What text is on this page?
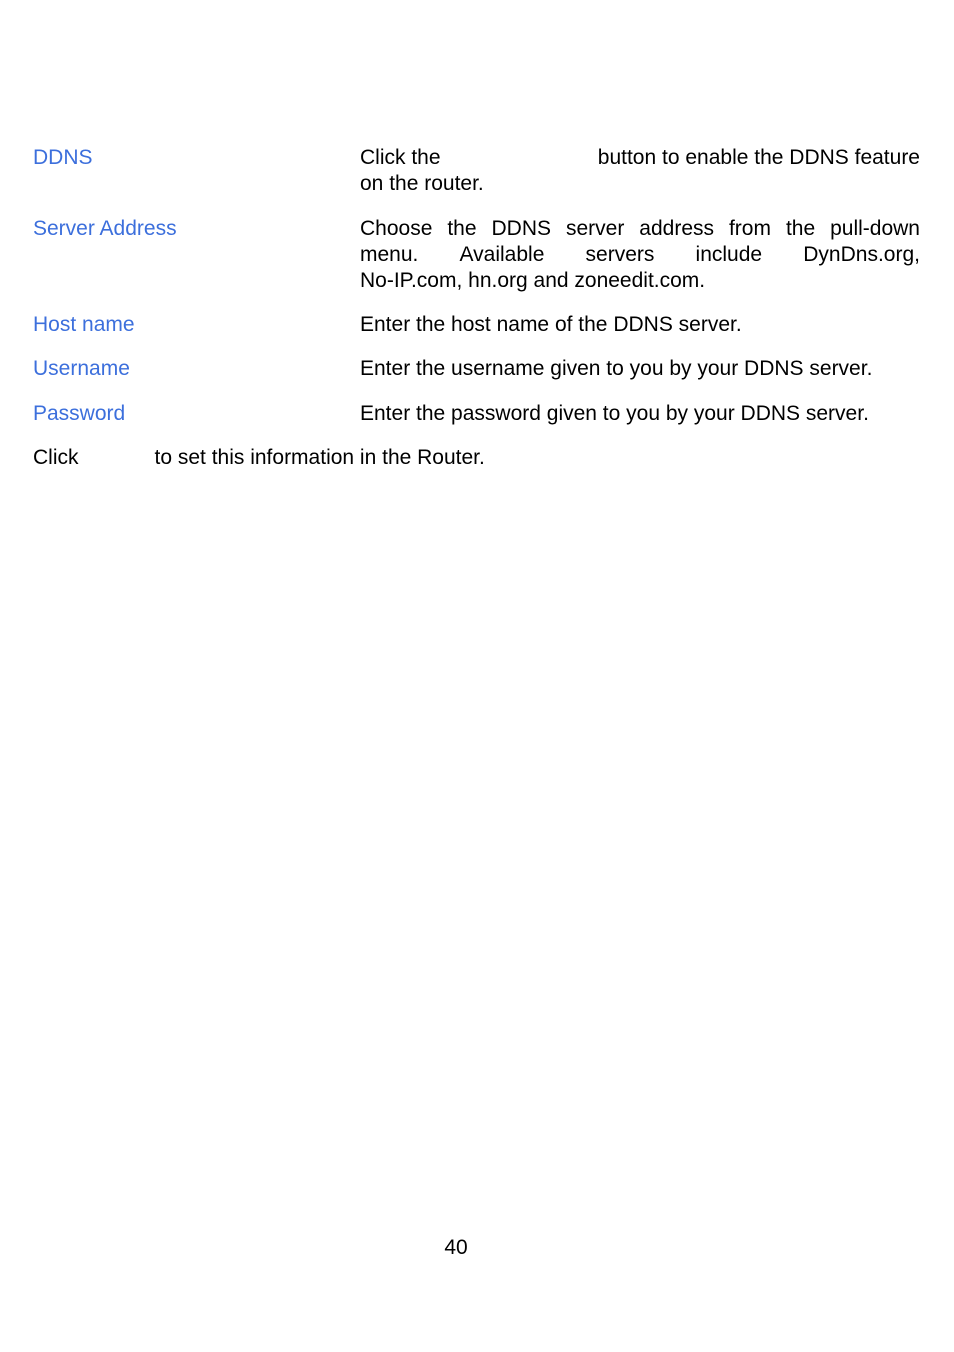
DDNS	Click the	button to enable the DDNS feature
on the router.
Server Address	Choose the DDNS server address from the pull-down
menu. Available servers include DynDns.org,
No-IP.com, hn.org and zoneedit.com.
Host name	Enter the host name of the DDNS server.
Username	Enter the username given to you by your DDNS server.
Password	Enter the password given to you by your DDNS server.
Click	to set this information in the Router.
40
